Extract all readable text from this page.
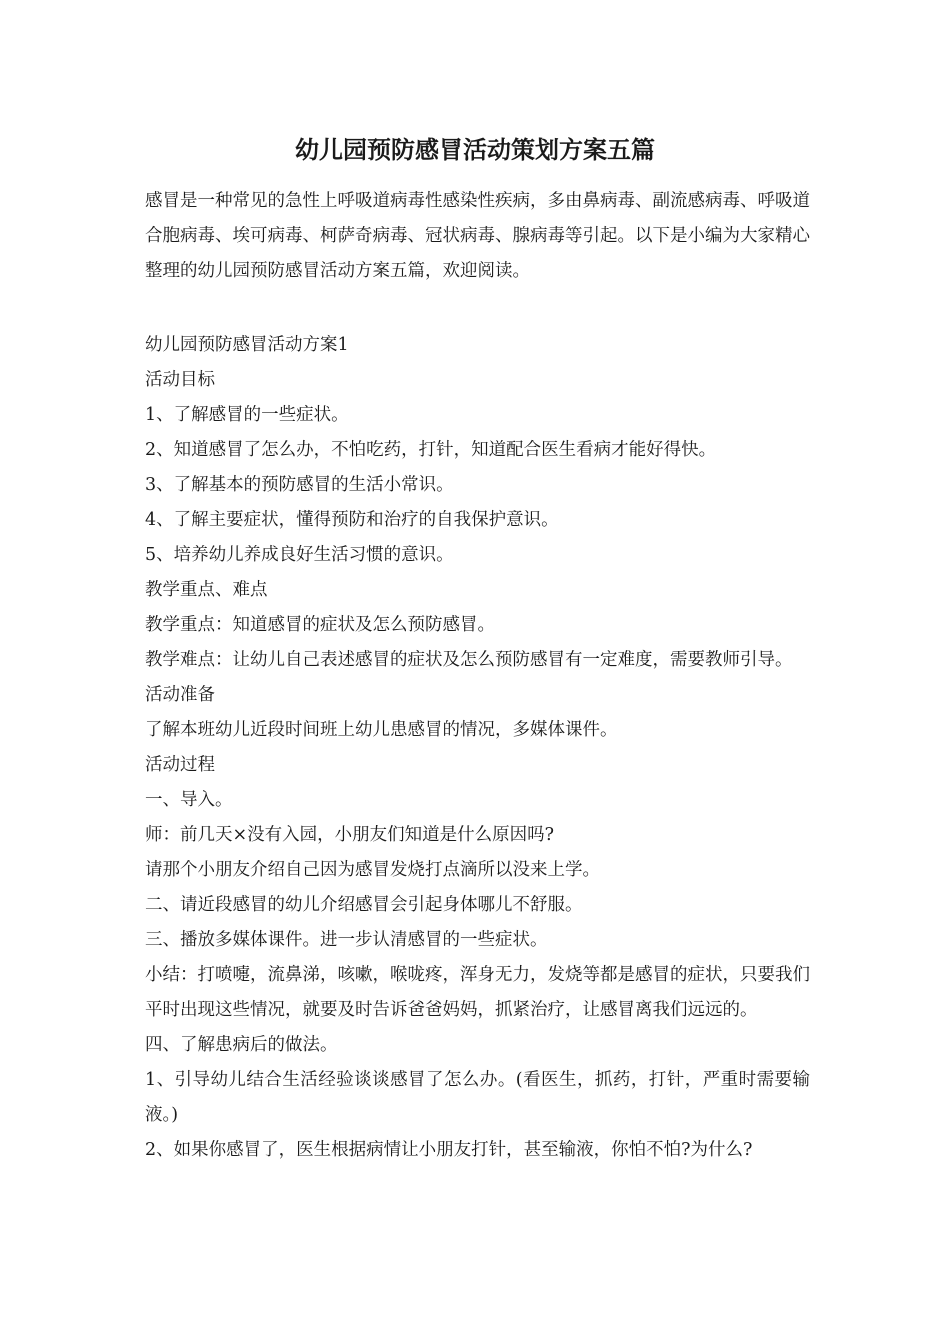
幼儿园预防感冒活动策划方案五篇

感冒是一种常见的急性上呼吸道病毒性感染性疾病，多由鼻病毒、副流感病毒、呼吸道合胞病毒、埃可病毒、柯萨奇病毒、冠状病毒、腺病毒等引起。以下是小编为大家精心整理的幼儿园预防感冒活动方案五篇，欢迎阅读。

幼儿园预防感冒活动方案1

活动目标

1、了解感冒的一些症状。

2、知道感冒了怎么办，不怕吃药，打针，知道配合医生看病才能好得快。

3、了解基本的预防感冒的生活小常识。

4、了解主要症状，懂得预防和治疗的自我保护意识。

5、培养幼儿养成良好生活习惯的意识。

教学重点、难点

教学重点：知道感冒的症状及怎么预防感冒。

教学难点：让幼儿自己表述感冒的症状及怎么预防感冒有一定难度，需要教师引导。

活动准备

了解本班幼儿近段时间班上幼儿患感冒的情况，多媒体课件。

活动过程

一、导入。

师：前几天×没有入园，小朋友们知道是什么原因吗?

请那个小朋友介绍自己因为感冒发烧打点滴所以没来上学。

二、请近段感冒的幼儿介绍感冒会引起身体哪儿不舒服。

三、播放多媒体课件。进一步认清感冒的一些症状。

小结：打喷嚏，流鼻涕，咳嗽，喉咙疼，浑身无力，发烧等都是感冒的症状，只要我们平时出现这些情况，就要及时告诉爸爸妈妈，抓紧治疗，让感冒离我们远远的。

四、了解患病后的做法。

1、引导幼儿结合生活经验谈谈感冒了怎么办。(看医生，抓药，打针，严重时需要输液。)

2、如果你感冒了，医生根据病情让小朋友打针，甚至输液，你怕不怕?为什么?
